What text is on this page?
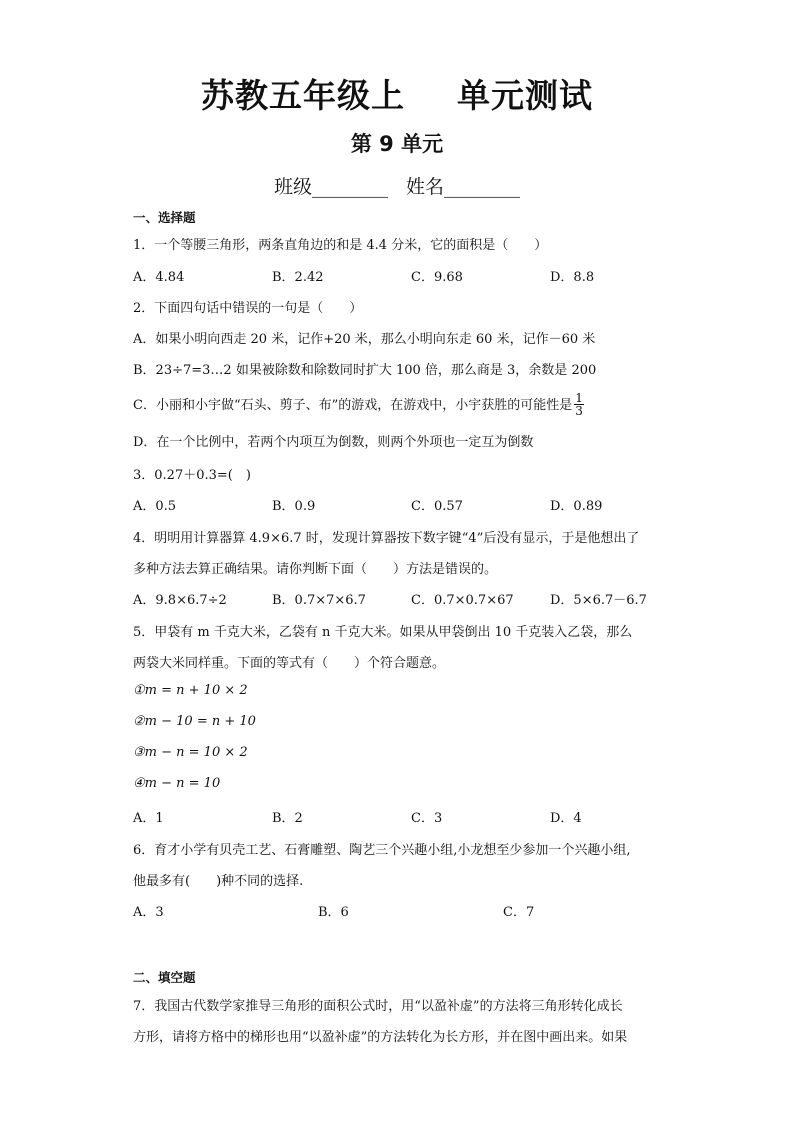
苏教五年级上 单元测试
第 9 单元
班级________ 姓名________
一、选择题
1．一个等腰三角形，两条直角边的和是 4.4 分米，它的面积是（　　）
A．4.84	B．2.42	C．9.68	D．8.8
2．下面四句话中错误的一句是（　　）
A．如果小明向西走 20 米，记作+20 米，那么小明向东走 60 米，记作－60 米
B．23÷7=3…2 如果被除数和除数同时扩大 100 倍，那么商是 3，余数是 200
C．小丽和小宇做“石头、剪子、布”的游戏，在游戏中，小宇获胜的可能性是 $\frac{1}{3}$
D．在一个比例中，若两个内项互为倒数，则两个外项也一定互为倒数
3．0.27＋0.3=(　)
A．0.5	B．0.9	C．0.57	D．0.89
4．明明用计算器算 4.9×6.7 时，发现计算器按下数字键“4”后没有显示，于是他想出了
多种方法去算正确结果。请你判断下面（　　）方法是错误的。
A．9.8×6.7÷2	B．0.7×7×6.7	C．0.7×0.7×67	D．5×6.7－6.7
5．甲袋有 m 千克大米，乙袋有 n 千克大米。如果从甲袋倒出 10 千克装入乙袋，那么
两袋大米同样重。下面的等式有（　　）个符合题意。
①m = n + 10 × 2
②m − 10 = n + 10
③m − n = 10 × 2
④m − n = 10
A．1	B．2	C．3	D．4
6．育才小学有贝壳工艺、石膏雕塑、陶艺三个兴趣小组,小龙想至少参加一个兴趣小组,
他最多有(　　)种不同的选择.
A．3	B．6	C．7
二、填空题
7．我国古代数学家推导三角形的面积公式时，用“以盈补虚”的方法将三角形转化成长
方形，请将方格中的梯形也用“以盈补虚”的方法转化为长方形，并在图中画出来。如果
